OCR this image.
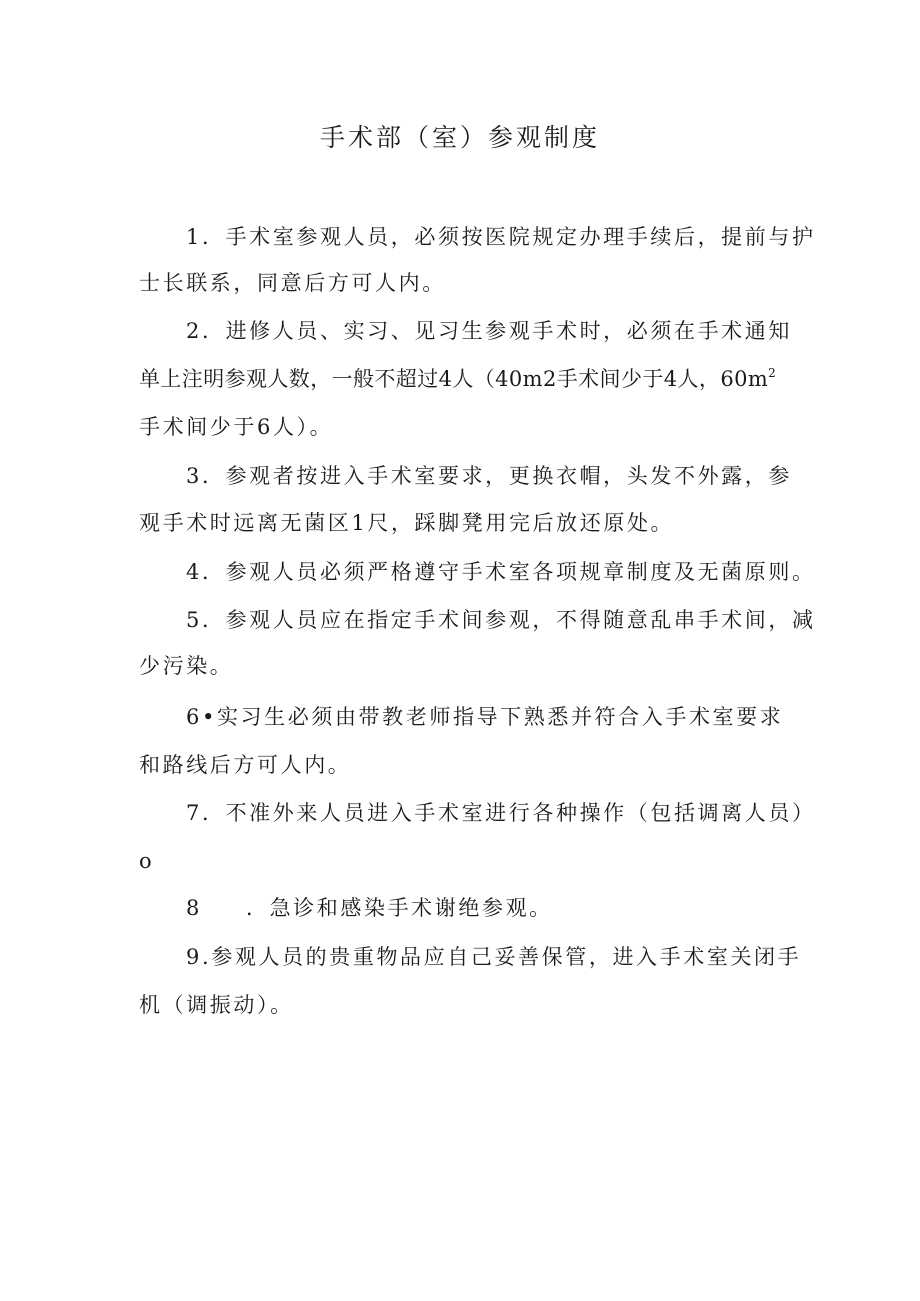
手术部（室）参观制度

1．手术室参观人员，必须按医院规定办理手续后，提前与护

士长联系，同意后方可人内。

2．进修人员、实习、见习生参观手术时，必须在手术通知

单上注明参观人数，一般不超过4人（40m2手术间少于4人，$60m^2$

手术间少于6人）。

3．参观者按进入手术室要求，更换衣帽，头发不外露，参

观手术时远离无菌区1尺，踩脚凳用完后放还原处。

4．参观人员必须严格遵守手术室各项规章制度及无菌原则。

5．参观人员应在指定手术间参观，不得随意乱串手术间，减

少污染。

6•实习生必须由带教老师指导下熟悉并符合入手术室要求

和路线后方可人内。

7．不准外来人员进入手术室进行各种操作（包括调离人员）

o

8 ．急诊和感染手术谢绝参观。

9.参观人员的贵重物品应自己妥善保管，进入手术室关闭手

机（调振动）。
